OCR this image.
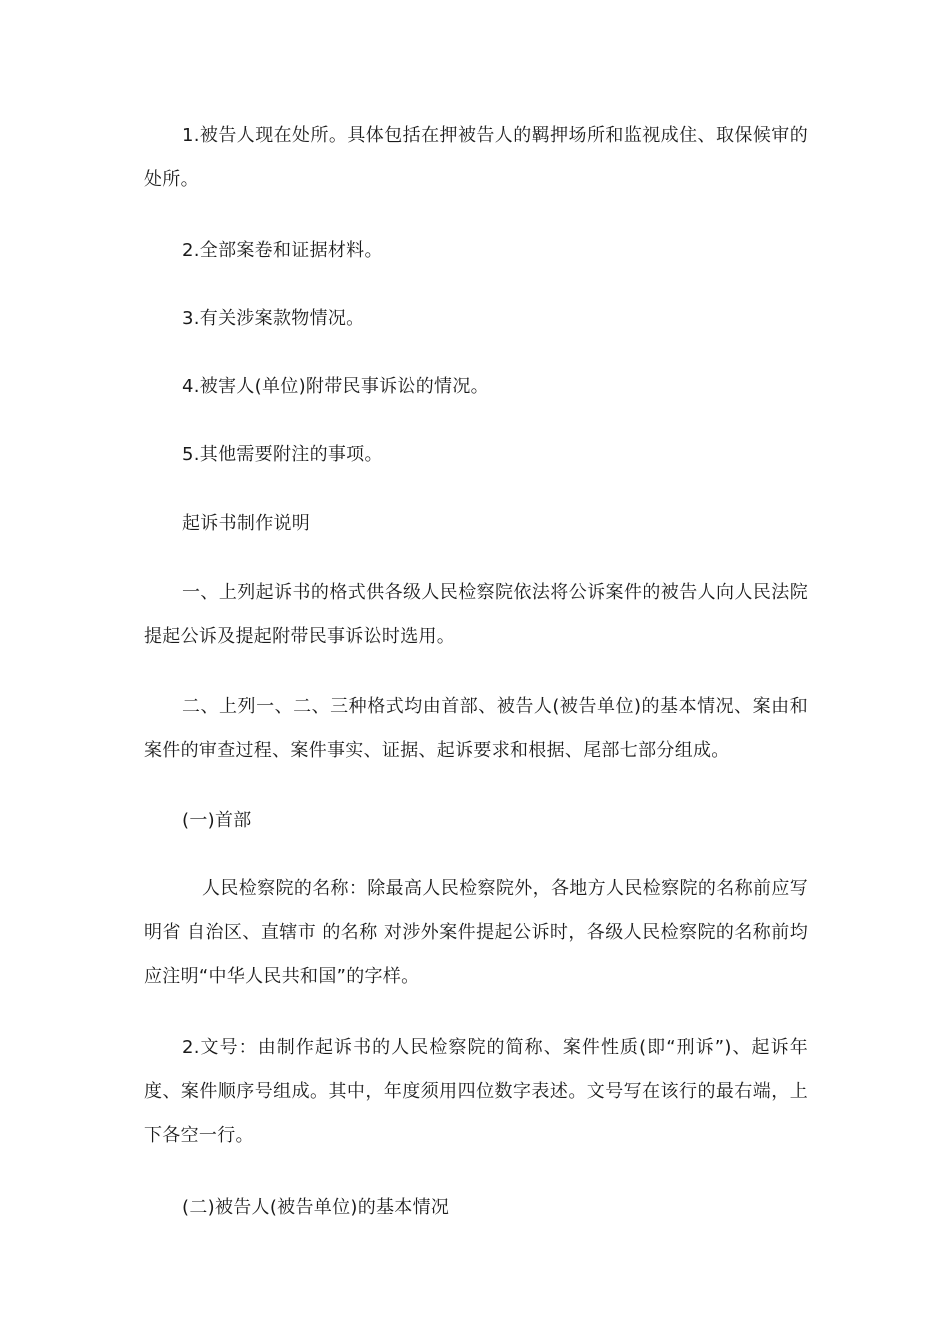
1.被告人现在处所。具体包括在押被告人的羁押场所和监视成住、取保候审的处所。

2.全部案卷和证据材料。

3.有关涉案款物情况。

4.被害人(单位)附带民事诉讼的情况。

5.其他需要附注的事项。

起诉书制作说明

一、上列起诉书的格式供各级人民检察院依法将公诉案件的被告人向人民法院提起公诉及提起附带民事诉讼时选用。

二、上列一、二、三种格式均由首部、被告人(被告单位)的基本情况、案由和案件的审查过程、案件事实、证据、起诉要求和根据、尾部七部分组成。

(一)首部

人民检察院的名称：除最高人民检察院外，各地方人民检察院的名称前应写明省 自治区、直辖市 的名称 对涉外案件提起公诉时，各级人民检察院的名称前均应注明“中华人民共和国”的字样。

2.文号：由制作起诉书的人民检察院的简称、案件性质(即“刑诉”)、起诉年度、案件顺序号组成。其中，年度须用四位数字表述。文号写在该行的最右端，上下各空一行。

(二)被告人(被告单位)的基本情况
